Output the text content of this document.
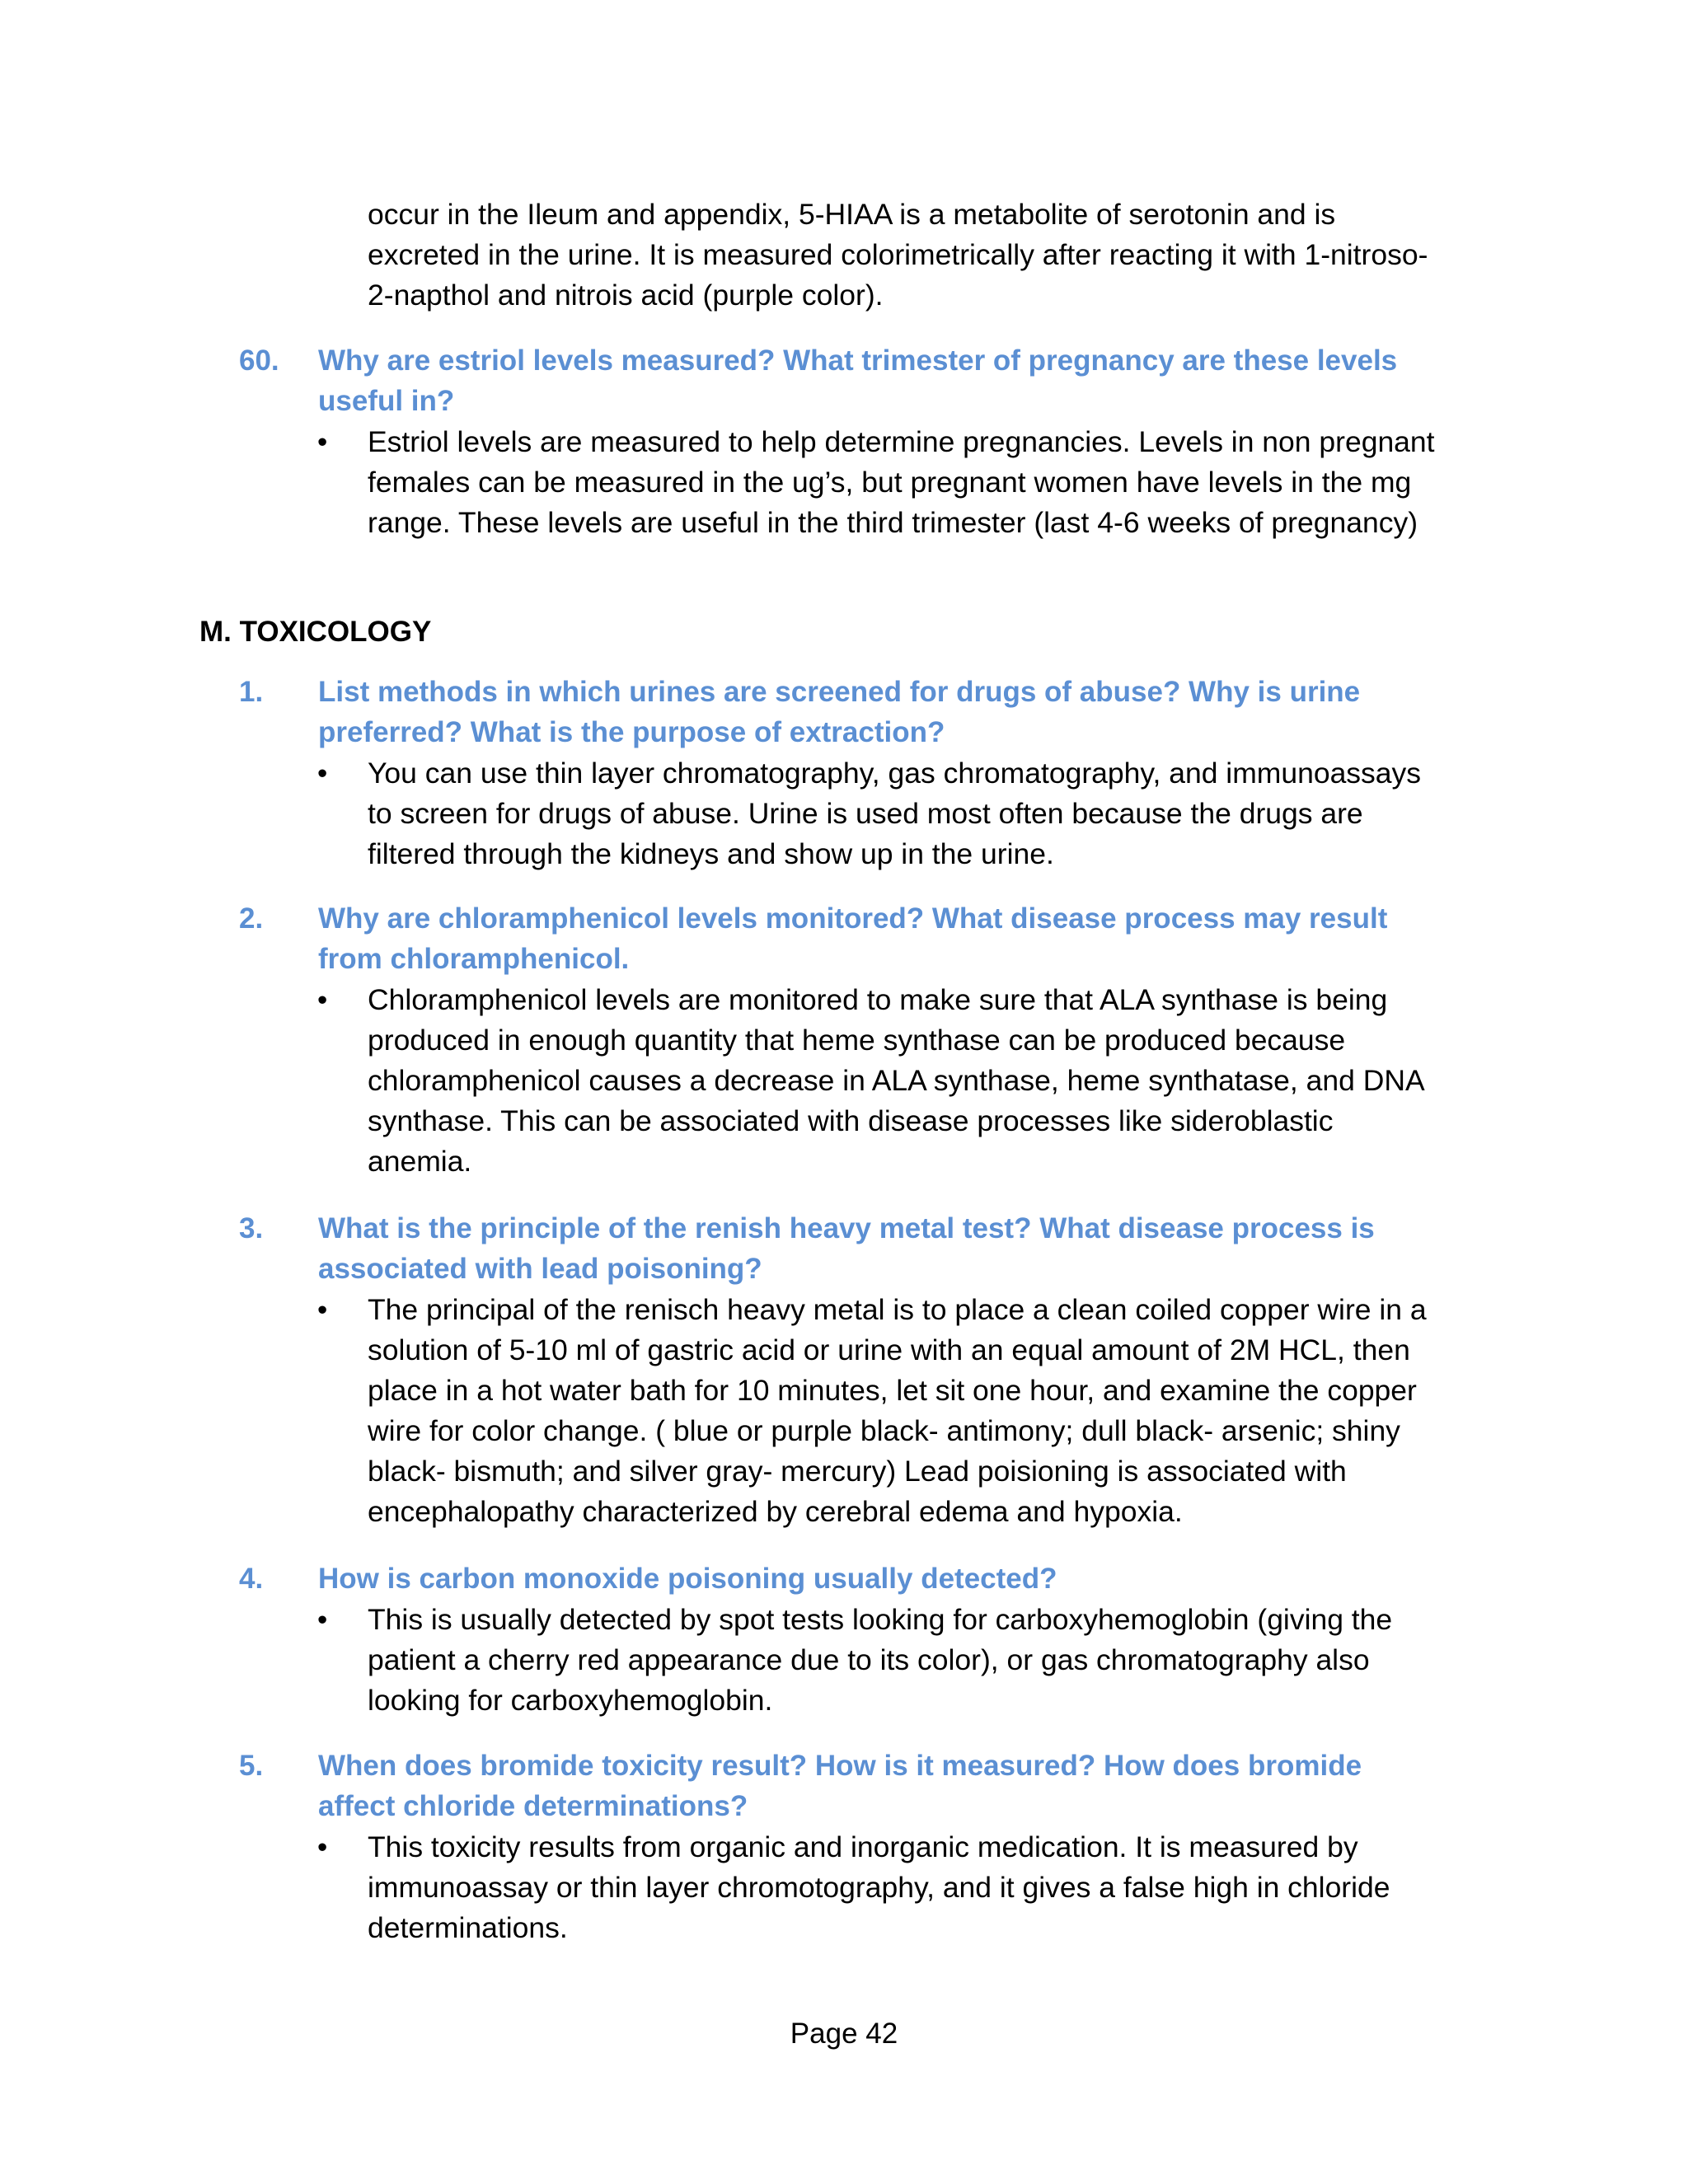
occur in the Ileum and appendix, 5-HIAA is a metabolite of serotonin and is
excreted in the urine. It is measured colorimetrically after reacting it with 1-nitroso-
2-napthol and nitrois acid (purple color).
60. Why are estriol levels measured? What trimester of pregnancy are these levels
useful in?
• Estriol levels are measured to help determine pregnancies. Levels in non pregnant
females can be measured in the ug’s, but pregnant women have levels in the mg
range. These levels are useful in the third trimester (last 4-6 weeks of pregnancy)
M. TOXICOLOGY
1. List methods in which urines are screened for drugs of abuse? Why is urine
preferred? What is the purpose of extraction?
• You can use thin layer chromatography, gas chromatography, and immunoassays
to screen for drugs of abuse. Urine is used most often because the drugs are
filtered through the kidneys and show up in the urine.
2. Why are chloramphenicol levels monitored? What disease process may result
from chloramphenicol.
• Chloramphenicol levels are monitored to make sure that ALA synthase is being
produced in enough quantity that heme synthase can be produced because
chloramphenicol causes a decrease in ALA synthase, heme synthatase, and DNA
synthase. This can be associated with disease processes like sideroblastic
anemia.
3. What is the principle of the renish heavy metal test? What disease process is
associated with lead poisoning?
• The principal of the renisch heavy metal is to place a clean coiled copper wire in a
solution of 5-10 ml of gastric acid or urine with an equal amount of 2M HCL, then
place in a hot water bath for 10 minutes, let sit one hour, and examine the copper
wire for color change. ( blue or purple black- antimony; dull black- arsenic; shiny
black- bismuth; and silver gray- mercury) Lead poisioning is associated with
encephalopathy characterized by cerebral edema and hypoxia.
4. How is carbon monoxide poisoning usually detected?
• This is usually detected by spot tests looking for carboxyhemoglobin (giving the
patient a cherry red appearance due to its color), or gas chromatography also
looking for carboxyhemoglobin.
5. When does bromide toxicity result? How is it measured? How does bromide
affect chloride determinations?
• This toxicity results from organic and inorganic medication. It is measured by
immunoassay or thin layer chromotography, and it gives a false high in chloride
determinations.
Page 42
